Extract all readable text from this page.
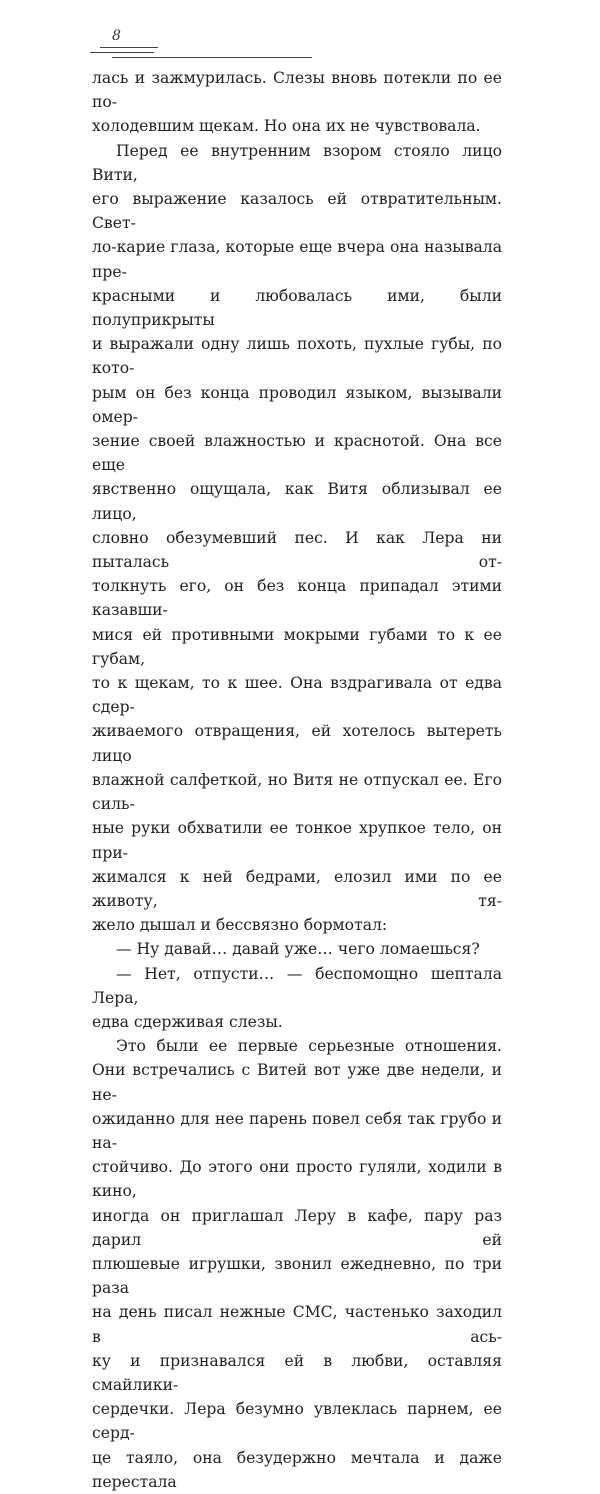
8

лась и зажмурилась. Слезы вновь потекли по ее по-

холодевшим щекам. Но она их не чувствовала.

Перед ее внутренним взором стояло лицо Вити,

его выражение казалось ей отвратительным. Свет-

ло-карие глаза, которые еще вчера она называла пре-

красными и любовалась ими, были полуприкрыты

и выражали одну лишь похоть, пухлые губы, по кото-

рым он без конца проводил языком, вызывали омер-

зение своей влажностью и краснотой. Она все еще

явственно ощущала, как Витя облизывал ее лицо,

словно обезумевший пес. И как Лера ни пыталась от-

толкнуть его, он без конца припадал этими казавши-

мися ей противными мокрыми губами то к ее губам,

то к щекам, то к шее. Она вздрагивала от едва сдер-

живаемого отвращения, ей хотелось вытереть лицо

влажной салфеткой, но Витя не отпускал ее. Его силь-

ные руки обхватили ее тонкое хрупкое тело, он при-

жимался к ней бедрами, елозил ими по ее животу, тя-

жело дышал и бессвязно бормотал:

— Ну давай… давай уже… чего ломаешься?

— Нет, отпусти… — беспомощно шептала Лера,

едва сдерживая слезы.

Это были ее первые серьезные отношения.

Они встречались с Витей вот уже две недели, и не-

ожиданно для нее парень повел себя так грубо и на-

стойчиво. До этого они просто гуляли, ходили в кино,

иногда он приглашал Леру в кафе, пару раз дарил ей

плюшевые игрушки, звонил ежедневно, по три раза

на день писал нежные СМС, частенько заходил в ась-

ку и признавался ей в любви, оставляя смайлики-

сердечки. Лера безумно увлеклась парнем, ее серд-

це таяло, она безудержно мечтала и даже перестала
